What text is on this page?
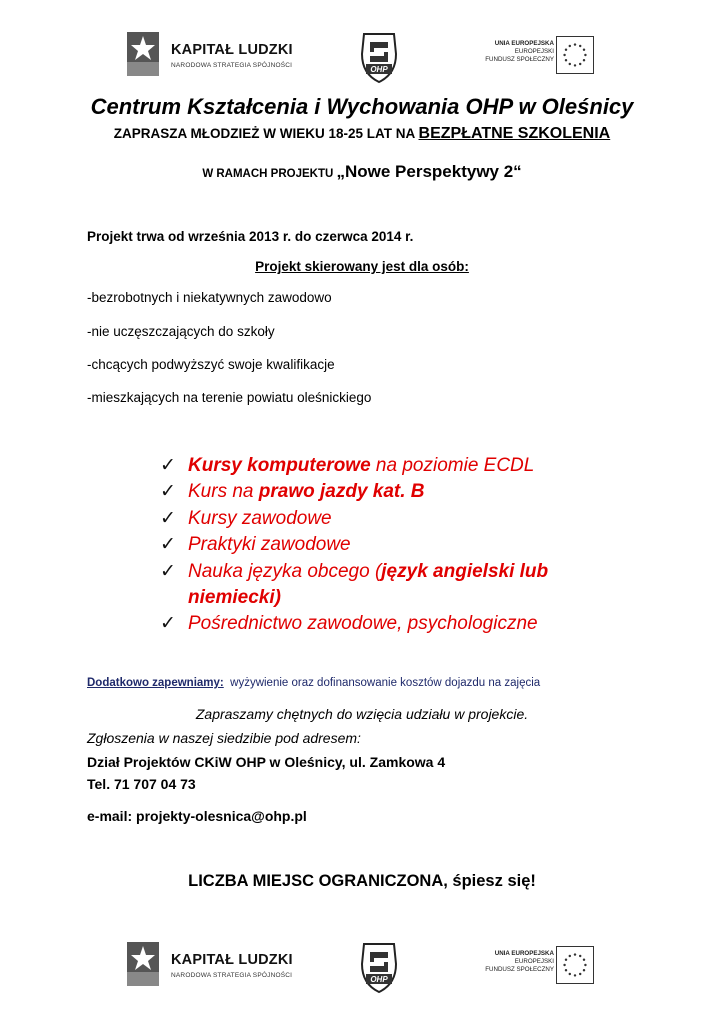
KAPITAŁ LUDZKI
NARODOWA STRATEGIA SPÓJNOŚCI	OHP
UNIA EUROPEJSKA
EUROPEJSKI
FUNDUSZ SPOŁECZNY
Centrum Kształcenia i Wychowania OHP w Oleśnicy
ZAPRASZA MŁODZIEŻ W WIEKU 18-25 LAT NA BEZPŁATNE SZKOLENIA
W RAMACH PROJEKTU „Nowe Perspektywy 2“
Projekt trwa od września 2013 r. do czerwca 2014 r.
Projekt skierowany jest dla osób:
-bezrobotnych i niekatywnych zawodowo
-nie uczęszczających do szkoły
-chcących podwyższyć swoje kwalifikacje
-mieszkających na terenie powiatu oleśnickiego
✓ Kursy komputerowe na poziomie ECDL
✓ Kurs na prawo jazdy kat. B
✓ Kursy zawodowe
✓ Praktyki zawodowe
✓ Nauka języka obcego (język angielski lub niemiecki)
✓ Pośrednictwo zawodowe, psychologiczne
Dodatkowo zapewniamy: wyżywienie oraz dofinansowanie kosztów dojazdu na zajęcia
Zapraszamy chętnych do wzięcia udziału w projekcie.
Zgłoszenia w naszej siedzibie pod adresem:
Dział Projektów CKiW OHP w Oleśnicy, ul. Zamkowa 4
Tel. 71 707 04 73
e-mail: projekty-olesnica@ohp.pl
LICZBA MIEJSC OGRANICZONA, śpiesz się!
KAPITAŁ LUDZKI
NARODOWA STRATEGIA SPÓJNOŚCI	OHP
UNIA EUROPEJSKA
EUROPEJSKI
FUNDUSZ SPOŁECZNY
